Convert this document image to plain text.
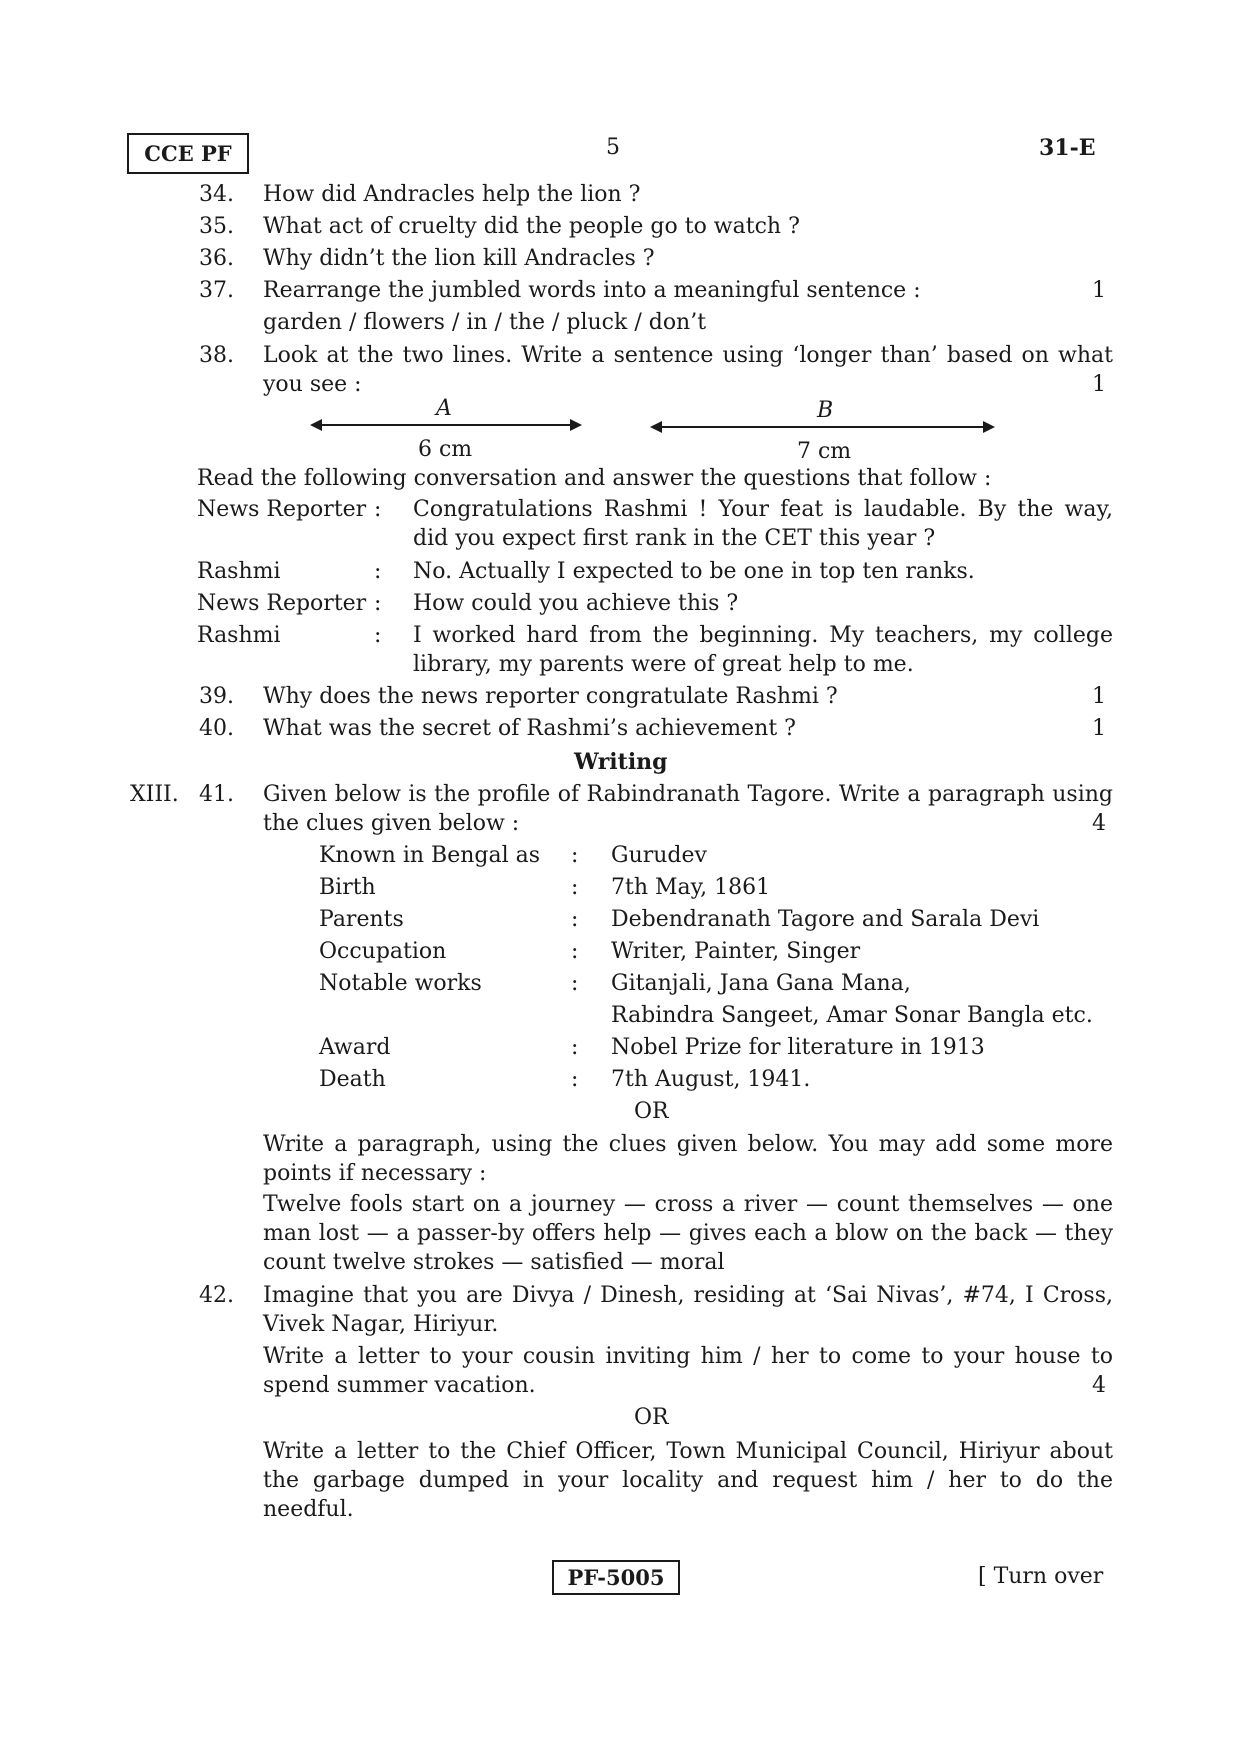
CCE PF	5	31-E
34. How did Andracles help the lion ?
35. What act of cruelty did the people go to watch ?
36. Why didn’t the lion kill Andracles ?
37. Rearrange the jumbled words into a meaningful sentence :	1
garden / flowers / in / the / pluck / don’t
38. Look at the two lines. Write a sentence using ‘longer than’ based on what
you see :	1
A
6 cm
B
7 cm
Read the following conversation and answer the questions that follow :
News Reporter : Congratulations Rashmi ! Your feat is laudable. By the way,
did you expect first rank in the CET this year ?
Rashmi	: No. Actually I expected to be one in top ten ranks.
News Reporter : How could you achieve this ?
Rashmi	: I worked hard from the beginning. My teachers, my college
library, my parents were of great help to me.
39. Why does the news reporter congratulate Rashmi ?	1
40. What was the secret of Rashmi’s achievement ?	1
Writing
XIII. 41. Given below is the profile of Rabindranath Tagore. Write a paragraph using
the clues given below :	4
Known in Bengal as : Gurudev
Birth	: 7th May, 1861
Parents	: Debendranath Tagore and Sarala Devi
Occupation	: Writer, Painter, Singer
Notable works	: Gitanjali, Jana Gana Mana,
Rabindra Sangeet, Amar Sonar Bangla etc.
Award	: Nobel Prize for literature in 1913
Death	: 7th August, 1941.
OR
Write a paragraph, using the clues given below. You may add some more points if necessary :
Twelve fools start on a journey — cross a river — count themselves — one man lost — a passer-by offers help — gives each a blow on the back — they count twelve strokes — satisfied — moral
42. Imagine that you are Divya / Dinesh, residing at ‘Sai Nivas’, #74, I Cross,
Vivek Nagar, Hiriyur.
Write a letter to your cousin inviting him / her to come to your house to
spend summer vacation.	4
OR
Write a letter to the Chief Officer, Town Municipal Council, Hiriyur about the garbage dumped in your locality and request him / her to do the needful.
PF-5005	[ Turn over
